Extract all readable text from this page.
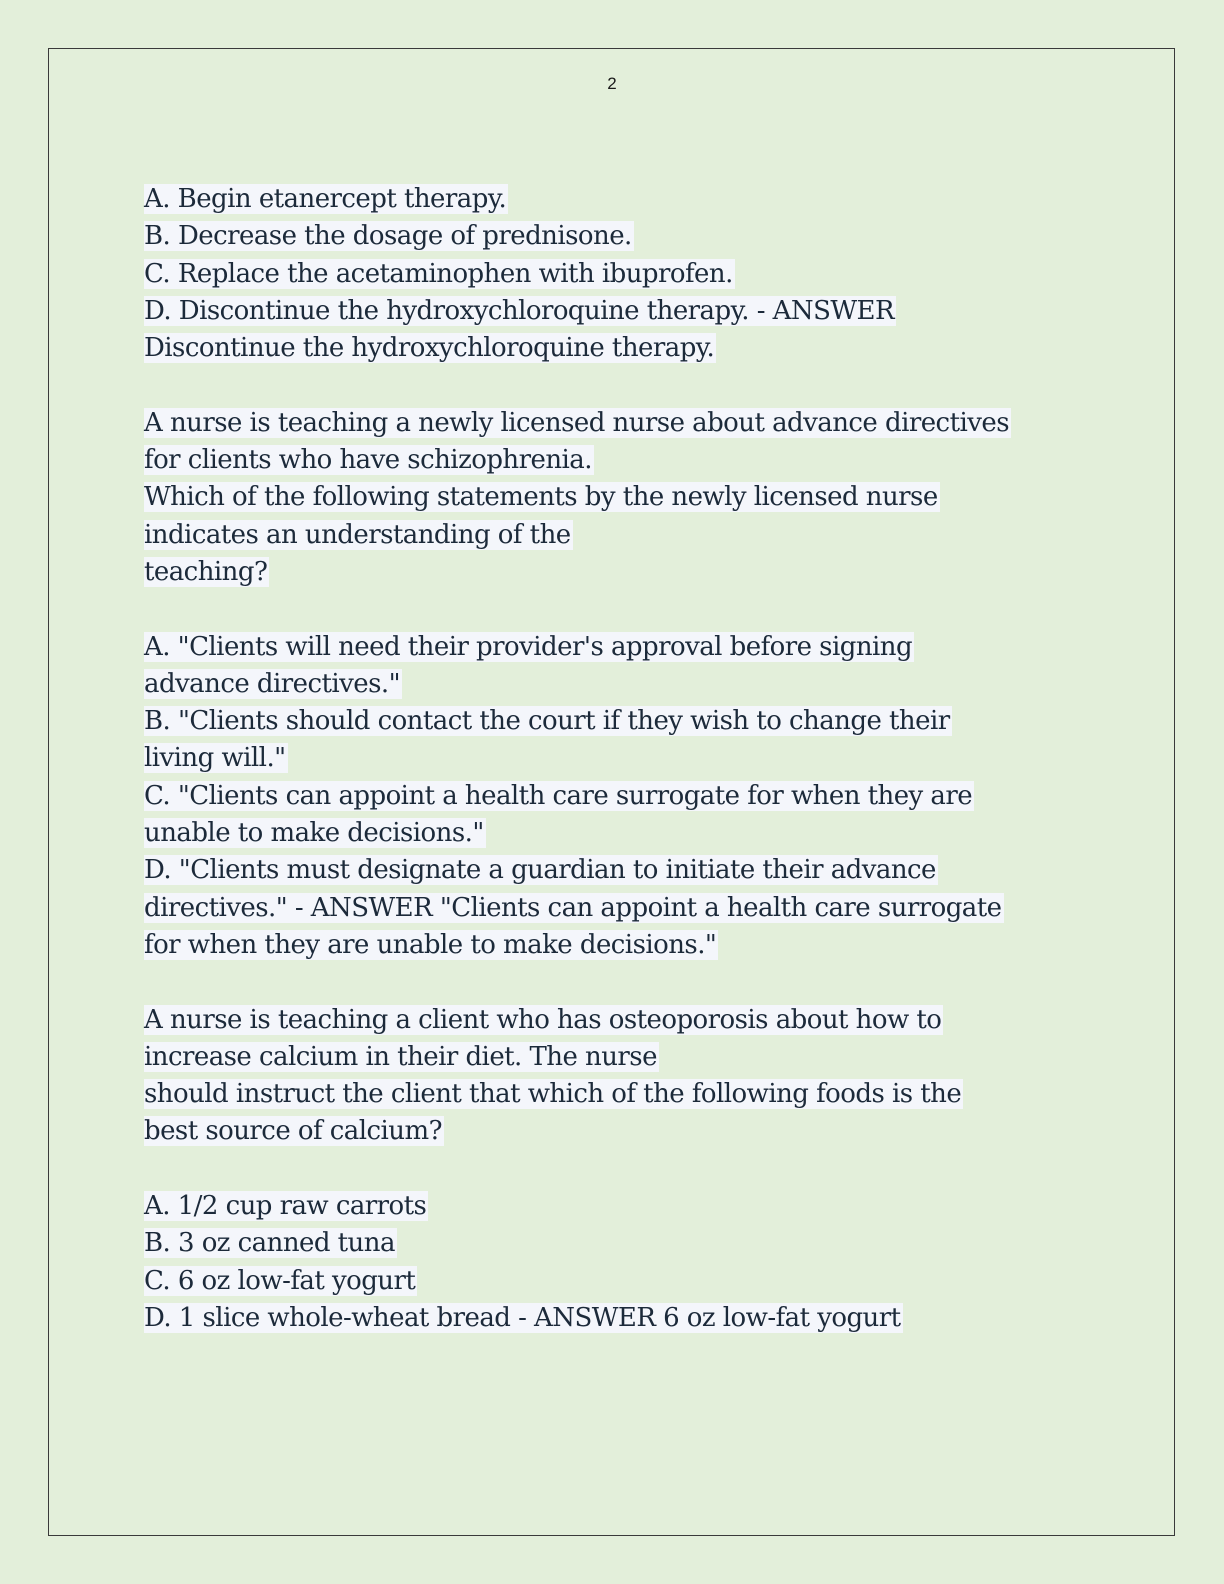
2
A. Begin etanercept therapy.
B. Decrease the dosage of prednisone.
C. Replace the acetaminophen with ibuprofen.
D. Discontinue the hydroxychloroquine therapy. - ANSWER
Discontinue the hydroxychloroquine therapy.
A nurse is teaching a newly licensed nurse about advance directives
for clients who have schizophrenia.
Which of the following statements by the newly licensed nurse
indicates an understanding of the
teaching?
A. "Clients will need their provider's approval before signing
advance directives."
B. "Clients should contact the court if they wish to change their
living will."
C. "Clients can appoint a health care surrogate for when they are
unable to make decisions."
D. "Clients must designate a guardian to initiate their advance
directives." - ANSWER "Clients can appoint a health care surrogate
for when they are unable to make decisions."
A nurse is teaching a client who has osteoporosis about how to
increase calcium in their diet. The nurse
should instruct the client that which of the following foods is the
best source of calcium?
A. 1/2 cup raw carrots
B. 3 oz canned tuna
C. 6 oz low-fat yogurt
D. 1 slice whole-wheat bread - ANSWER 6 oz low-fat yogurt
